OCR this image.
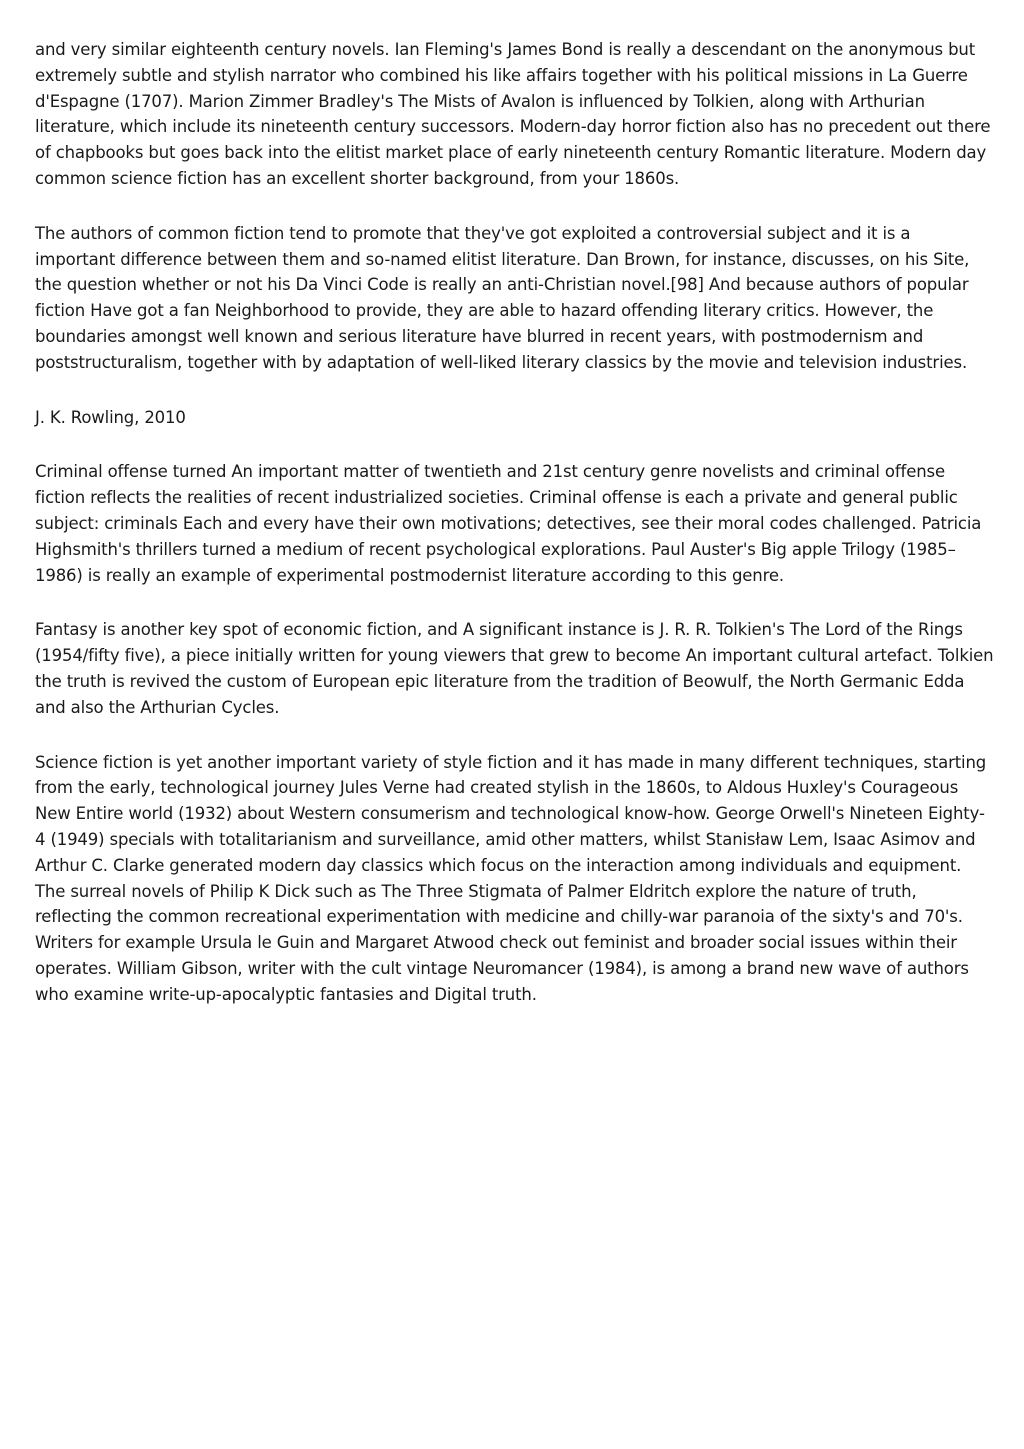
and very similar eighteenth century novels. Ian Fleming's James Bond is really a descendant on the anonymous but extremely subtle and stylish narrator who combined his like affairs together with his political missions in La Guerre d'Espagne (1707). Marion Zimmer Bradley's The Mists of Avalon is influenced by Tolkien, along with Arthurian literature, which include its nineteenth century successors. Modern-day horror fiction also has no precedent out there of chapbooks but goes back into the elitist market place of early nineteenth century Romantic literature. Modern day common science fiction has an excellent shorter background, from your 1860s.

The authors of common fiction tend to promote that they've got exploited a controversial subject and it is a important difference between them and so-named elitist literature. Dan Brown, for instance, discusses, on his Site, the question whether or not his Da Vinci Code is really an anti-Christian novel.[98] And because authors of popular fiction Have got a fan Neighborhood to provide, they are able to hazard offending literary critics. However, the boundaries amongst well known and serious literature have blurred in recent years, with postmodernism and poststructuralism, together with by adaptation of well-liked literary classics by the movie and television industries.

J. K. Rowling, 2010

Criminal offense turned An important matter of twentieth and 21st century genre novelists and criminal offense fiction reflects the realities of recent industrialized societies. Criminal offense is each a private and general public subject: criminals Each and every have their own motivations; detectives, see their moral codes challenged. Patricia Highsmith's thrillers turned a medium of recent psychological explorations. Paul Auster's Big apple Trilogy (1985–1986) is really an example of experimental postmodernist literature according to this genre.

Fantasy is another key spot of economic fiction, and A significant instance is J. R. R. Tolkien's The Lord of the Rings (1954/fifty five), a piece initially written for young viewers that grew to become An important cultural artefact. Tolkien the truth is revived the custom of European epic literature from the tradition of Beowulf, the North Germanic Edda and also the Arthurian Cycles.

Science fiction is yet another important variety of style fiction and it has made in many different techniques, starting from the early, technological journey Jules Verne had created stylish in the 1860s, to Aldous Huxley's Courageous New Entire world (1932) about Western consumerism and technological know-how. George Orwell's Nineteen Eighty-4 (1949) specials with totalitarianism and surveillance, amid other matters, whilst Stanisław Lem, Isaac Asimov and Arthur C. Clarke generated modern day classics which focus on the interaction among individuals and equipment. The surreal novels of Philip K Dick such as The Three Stigmata of Palmer Eldritch explore the nature of truth, reflecting the common recreational experimentation with medicine and chilly-war paranoia of the sixty's and 70's. Writers for example Ursula le Guin and Margaret Atwood check out feminist and broader social issues within their operates. William Gibson, writer with the cult vintage Neuromancer (1984), is among a brand new wave of authors who examine write-up-apocalyptic fantasies and Digital truth.
